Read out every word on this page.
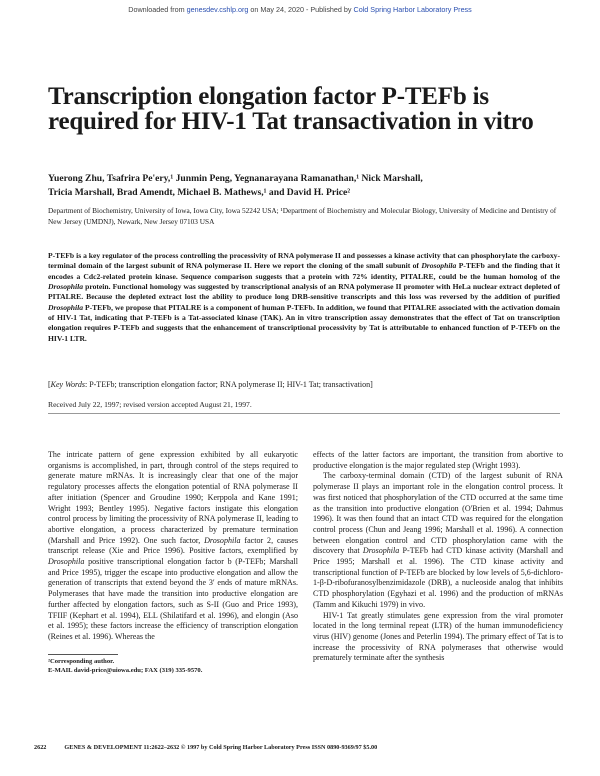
Downloaded from genesdev.cshlp.org on May 24, 2020 - Published by Cold Spring Harbor Laboratory Press
Transcription elongation factor P-TEFb is required for HIV-1 Tat transactivation in vitro
Yuerong Zhu, Tsafrira Pe'ery,¹ Junmin Peng, Yegnanarayana Ramanathan,¹ Nick Marshall,
Tricia Marshall, Brad Amendt, Michael B. Mathews,¹ and David H. Price²
Department of Biochemistry, University of Iowa, Iowa City, Iowa 52242 USA; ¹Department of Biochemistry and Molecular Biology, University of Medicine and Dentistry of New Jersey (UMDNJ), Newark, New Jersey 07103 USA
P-TEFb is a key regulator of the process controlling the processivity of RNA polymerase II and possesses a kinase activity that can phosphorylate the carboxy-terminal domain of the largest subunit of RNA polymerase II. Here we report the cloning of the small subunit of Drosophila P-TEFb and the finding that it encodes a Cdc2-related protein kinase. Sequence comparison suggests that a protein with 72% identity, PITALRE, could be the human homolog of the Drosophila protein. Functional homology was suggested by transcriptional analysis of an RNA polymerase II promoter with HeLa nuclear extract depleted of PITALRE. Because the depleted extract lost the ability to produce long DRB-sensitive transcripts and this loss was reversed by the addition of purified Drosophila P-TEFb, we propose that PITALRE is a component of human P-TEFb. In addition, we found that PITALRE associated with the activation domain of HIV-1 Tat, indicating that P-TEFb is a Tat-associated kinase (TAK). An in vitro transcription assay demonstrates that the effect of Tat on transcription elongation requires P-TEFb and suggests that the enhancement of transcriptional processivity by Tat is attributable to enhanced function of P-TEFb on the HIV-1 LTR.
[Key Words: P-TEFb; transcription elongation factor; RNA polymerase II; HIV-1 Tat; transactivation]
Received July 22, 1997; revised version accepted August 21, 1997.

The intricate pattern of gene expression exhibited by all eukaryotic organisms is accomplished, in part, through control of the steps required to generate mature mRNAs. It is increasingly clear that one of the major regulatory processes affects the elongation potential of RNA polymerase II after initiation (Spencer and Groudine 1990; Kerppola and Kane 1991; Wright 1993; Bentley 1995). Negative factors instigate this elongation control process by limiting the processivity of RNA polymerase II, leading to abortive elongation, a process characterized by premature termination (Marshall and Price 1992). One such factor, Drosophila factor 2, causes transcript release (Xie and Price 1996). Positive factors, exemplified by Drosophila positive transcriptional elongation factor b (P-TEFb; Marshall and Price 1995), trigger the escape into productive elongation and allow the generation of transcripts that extend beyond the 3′ ends of mature mRNAs. Polymerases that have made the transition into productive elongation are further affected by elongation factors, such as S-II (Guo and Price 1993), TFIIF (Kephart et al. 1994), ELL (Shilatifard et al. 1996), and elongin (Aso et al. 1995); these factors increase the efficiency of transcription elongation (Reines et al. 1996). Whereas the

effects of the latter factors are important, the transition from abortive to productive elongation is the major regulated step (Wright 1993).

The carboxy-terminal domain (CTD) of the largest subunit of RNA polymerase II plays an important role in the elongation control process. It was first noticed that phosphorylation of the CTD occurred at the same time as the transition into productive elongation (O'Brien et al. 1994; Dahmus 1996). It was then found that an intact CTD was required for the elongation control process (Chun and Jeang 1996; Marshall et al. 1996). A connection between elongation control and CTD phosphorylation came with the discovery that Drosophila P-TEFb had CTD kinase activity (Marshall and Price 1995; Marshall et al. 1996). The CTD kinase activity and transcriptional function of P-TEFb are blocked by low levels of 5,6-dichloro-1-β-D-ribofuranosylbenzimidazole (DRB), a nucleoside analog that inhibits CTD phosphorylation (Egyhazi et al. 1996) and the production of mRNAs (Tamm and Kikuchi 1979) in vivo.

HIV-1 Tat greatly stimulates gene expression from the viral promoter located in the long terminal repeat (LTR) of the human immunodeficiency virus (HIV) genome (Jones and Peterlin 1994). The primary effect of Tat is to increase the processivity of RNA polymerases that otherwise would prematurely terminate after the synthesis

²Corresponding author.
E-MAIL david-price@uiowa.edu; FAX (319) 335-9570.
2622	GENES & DEVELOPMENT 11:2622–2632 © 1997 by Cold Spring Harbor Laboratory Press ISSN 0890-9369/97 $5.00
